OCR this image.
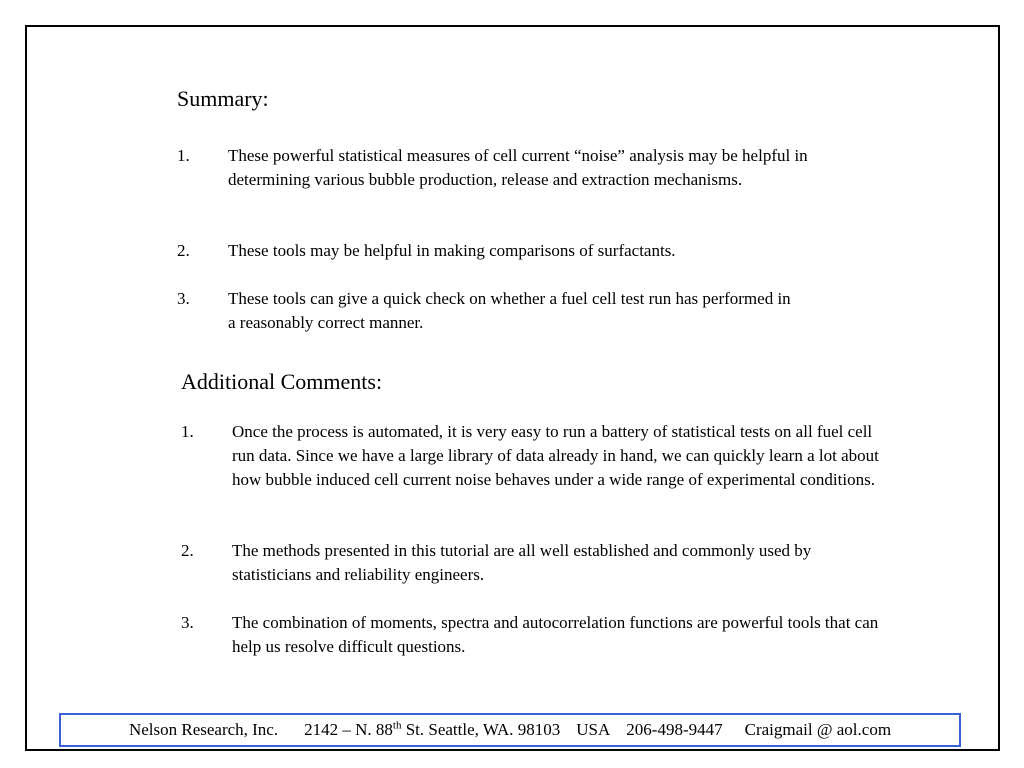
Summary:
1. These powerful statistical measures of cell current “noise” analysis may be helpful in determining various bubble production, release and extraction mechanisms.
2. These tools may be helpful in making comparisons of surfactants.
3. These tools can give a quick check on whether a fuel cell test run has performed in a reasonably correct manner.
Additional Comments:
1. Once the process is automated, it is very easy to run a battery of statistical tests on all fuel cell run data. Since we have a large library of data already in hand, we can quickly learn a lot about how bubble induced cell current noise behaves under a wide range of experimental conditions.
2. The methods presented in this tutorial are all well established and commonly used by statisticians and reliability engineers.
3. The combination of moments, spectra and autocorrelation functions are powerful tools that can help us resolve difficult questions.
Nelson Research, Inc. 2142 – N. 88th St. Seattle, WA. 98103 USA 206-498-9447 Craigmail @ aol.com
